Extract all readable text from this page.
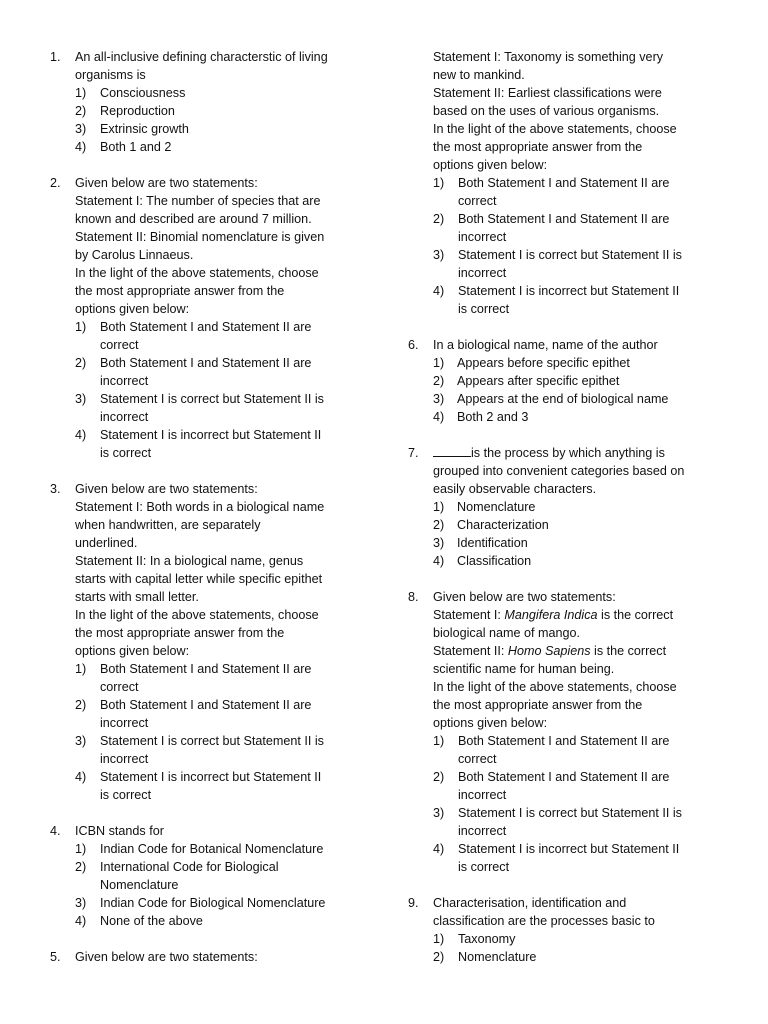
1. An all-inclusive defining characterstic of living
organisms is
1) Consciousness
2) Reproduction
3) Extrinsic growth
4) Both 1 and 2
2. Given below are two statements:
Statement I: The number of species that are
known and described are around 7 million.
Statement II: Binomial nomenclature is given
by Carolus Linnaeus.
In the light of the above statements, choose
the most appropriate answer from the
options given below:
1) Both Statement I and Statement II are
correct
2) Both Statement I and Statement II are
incorrect
3) Statement I is correct but Statement II is
incorrect
4) Statement I is incorrect but Statement II
is correct
3. Given below are two statements:
Statement I: Both words in a biological name
when handwritten, are separately
underlined.
Statement II: In a biological name, genus
starts with capital letter while specific epithet
starts with small letter.
In the light of the above statements, choose
the most appropriate answer from the
options given below:
1) Both Statement I and Statement II are
correct
2) Both Statement I and Statement II are
incorrect
3) Statement I is correct but Statement II is
incorrect
4) Statement I is incorrect but Statement II
is correct
4. ICBN stands for
1) Indian Code for Botanical Nomenclature
2) International Code for Biological
Nomenclature
3) Indian Code for Biological Nomenclature
4) None of the above
5. Given below are two statements:
Statement I: Taxonomy is something very
new to mankind.
Statement II: Earliest classifications were
based on the uses of various organisms.
In the light of the above statements, choose
the most appropriate answer from the
options given below:
1) Both Statement I and Statement II are
correct
2) Both Statement I and Statement II are
incorrect
3) Statement I is correct but Statement II is
incorrect
4) Statement I is incorrect but Statement II
is correct
6. In a biological name, name of the author
1) Appears before specific epithet
2) Appears after specific epithet
3) Appears at the end of biological name
4) Both 2 and 3
7.	is the process by which anything is
grouped into convenient categories based on
easily observable characters.
1) Nomenclature
2) Characterization
3) Identification
4) Classification
8. Given below are two statements:
Statement I: Mangifera Indica is the correct
biological name of mango.
Statement II: Homo Sapiens is the correct
scientific name for human being.
In the light of the above statements, choose
the most appropriate answer from the
options given below:
1) Both Statement I and Statement II are
correct
2) Both Statement I and Statement II are
incorrect
3) Statement I is correct but Statement II is
incorrect
4) Statement I is incorrect but Statement II
is correct
9. Characterisation, identification and
classification are the processes basic to
1) Taxonomy
2) Nomenclature
